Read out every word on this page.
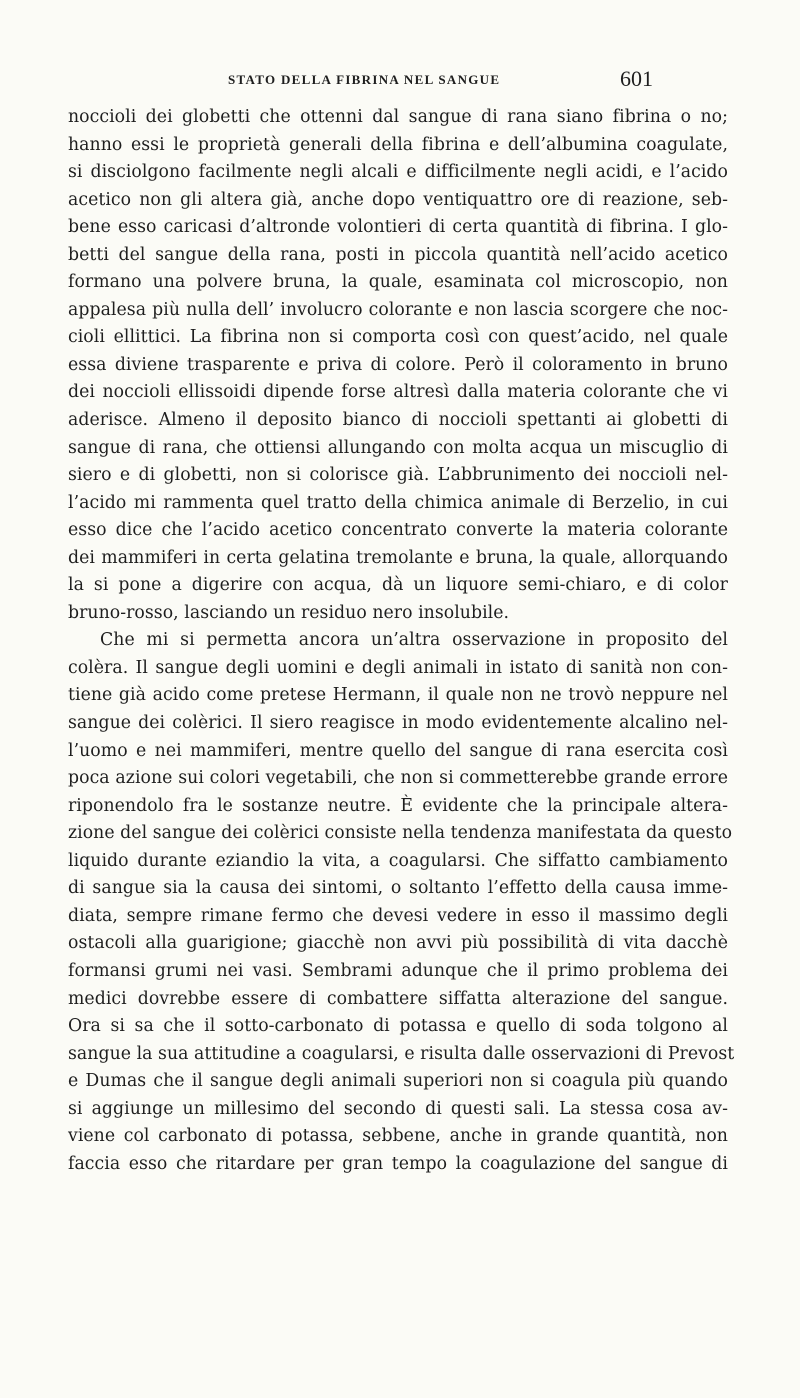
STATO DELLA FIBRINA NEL SANGUE	601
noccioli dei globetti che ottenni dal sangue di rana siano fibrina o no;
hanno essi le proprietà generali della fibrina e dell’albumina coagulate,
si disciolgono facilmente negli alcali e difficilmente negli acidi, e l’acido
acetico non gli altera già, anche dopo ventiquattro ore di reazione, seb-
bene esso caricasi d’altronde volontieri di certa quantità di fibrina. I glo-
betti del sangue della rana, posti in piccola quantità nell’acido acetico
formano una polvere bruna, la quale, esaminata col microscopio, non
appalesa più nulla dell’ involucro colorante e non lascia scorgere che noc-
cioli ellittici. La fibrina non si comporta così con quest’acido, nel quale
essa diviene trasparente e priva di colore. Però il coloramento in bruno
dei noccioli ellissoidi dipende forse altresì dalla materia colorante che vi
aderisce. Almeno il deposito bianco di noccioli spettanti ai globetti di
sangue di rana, che ottiensi allungando con molta acqua un miscuglio di
siero e di globetti, non si colorisce già. L’abbrunimento dei noccioli nel-
l’acido mi rammenta quel tratto della chimica animale di Berzelio, in cui
esso dice che l’acido acetico concentrato converte la materia colorante
dei mammiferi in certa gelatina tremolante e bruna, la quale, allorquando
la si pone a digerire con acqua, dà un liquore semi-chiaro, e di color
bruno-rosso, lasciando un residuo nero insolubile.
Che mi si permetta ancora un’altra osservazione in proposito del
colèra. Il sangue degli uomini e degli animali in istato di sanità non con-
tiene già acido come pretese Hermann, il quale non ne trovò neppure nel
sangue dei colèrici. Il siero reagisce in modo evidentemente alcalino nel-
l’uomo e nei mammiferi, mentre quello del sangue di rana esercita così
poca azione sui colori vegetabili, che non si commetterebbe grande errore
riponendolo fra le sostanze neutre. È evidente che la principale altera-
zione del sangue dei colèrici consiste nella tendenza manifestata da questo
liquido durante eziandio la vita, a coagularsi. Che siffatto cambiamento
di sangue sia la causa dei sintomi, o soltanto l’effetto della causa imme-
diata, sempre rimane fermo che devesi vedere in esso il massimo degli
ostacoli alla guarigione; giacchè non avvi più possibilità di vita dacchè
formansi grumi nei vasi. Sembrami adunque che il primo problema dei
medici dovrebbe essere di combattere siffatta alterazione del sangue.
Ora si sa che il sotto-carbonato di potassa e quello di soda tolgono al
sangue la sua attitudine a coagularsi, e risulta dalle osservazioni di Prevost
e Dumas che il sangue degli animali superiori non si coagula più quando
si aggiunge un millesimo del secondo di questi sali. La stessa cosa av-
viene col carbonato di potassa, sebbene, anche in grande quantità, non
faccia esso che ritardare per gran tempo la coagulazione del sangue di
